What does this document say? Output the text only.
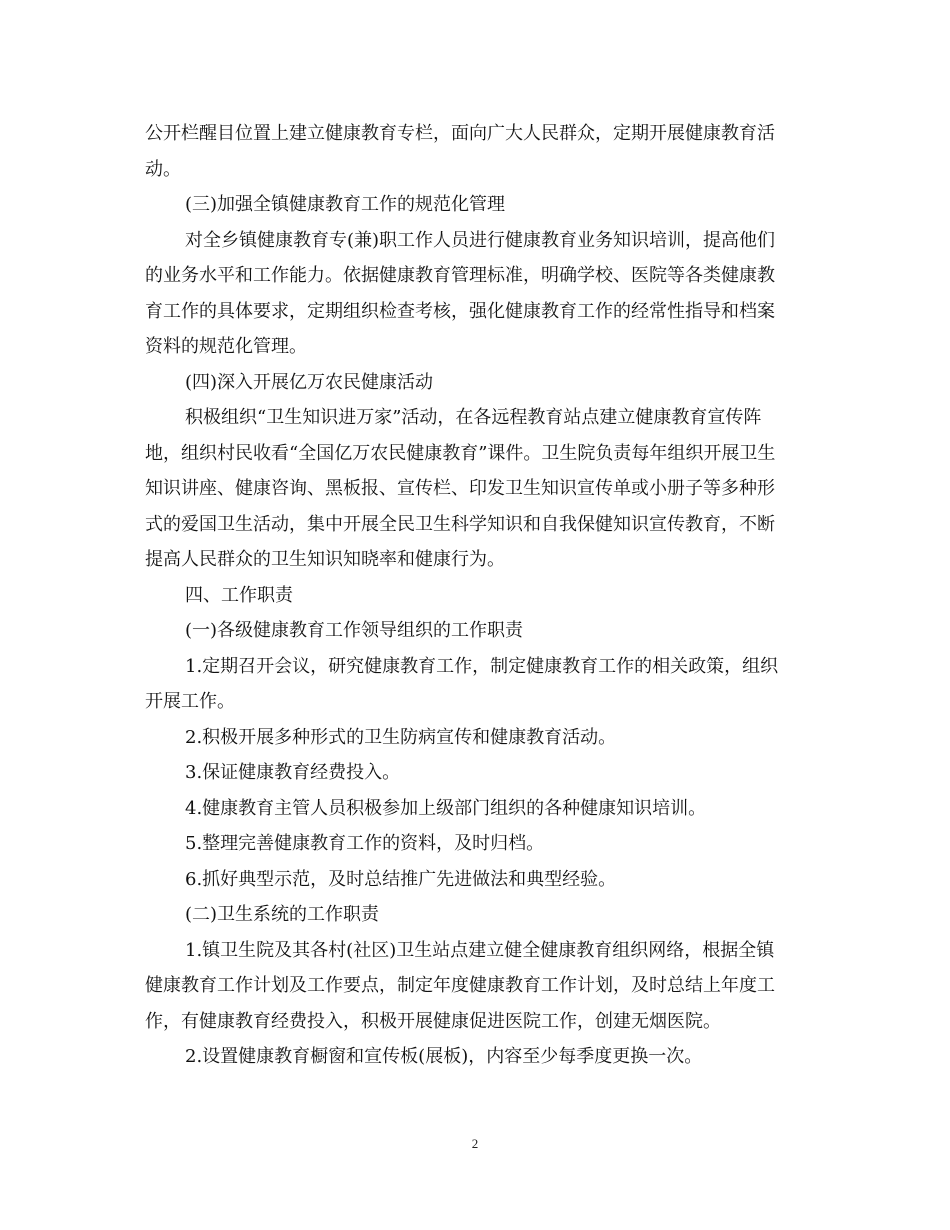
公开栏醒目位置上建立健康教育专栏，面向广大人民群众，定期开展健康教育活
动。
(三)加强全镇健康教育工作的规范化管理
对全乡镇健康教育专(兼)职工作人员进行健康教育业务知识培训，提高他们
的业务水平和工作能力。依据健康教育管理标准，明确学校、医院等各类健康教
育工作的具体要求，定期组织检查考核，强化健康教育工作的经常性指导和档案
资料的规范化管理。
(四)深入开展亿万农民健康活动
积极组织“卫生知识进万家”活动，在各远程教育站点建立健康教育宣传阵
地，组织村民收看“全国亿万农民健康教育”课件。卫生院负责每年组织开展卫生
知识讲座、健康咨询、黑板报、宣传栏、印发卫生知识宣传单或小册子等多种形
式的爱国卫生活动，集中开展全民卫生科学知识和自我保健知识宣传教育，不断
提高人民群众的卫生知识知晓率和健康行为。
四、工作职责
(一)各级健康教育工作领导组织的工作职责
1.定期召开会议，研究健康教育工作，制定健康教育工作的相关政策，组织
开展工作。
2.积极开展多种形式的卫生防病宣传和健康教育活动。
3.保证健康教育经费投入。
4.健康教育主管人员积极参加上级部门组织的各种健康知识培训。
5.整理完善健康教育工作的资料，及时归档。
6.抓好典型示范，及时总结推广先进做法和典型经验。
(二)卫生系统的工作职责
1.镇卫生院及其各村(社区)卫生站点建立健全健康教育组织网络，根据全镇
健康教育工作计划及工作要点，制定年度健康教育工作计划，及时总结上年度工
作，有健康教育经费投入，积极开展健康促进医院工作，创建无烟医院。
2.设置健康教育橱窗和宣传板(展板)，内容至少每季度更换一次。
2
